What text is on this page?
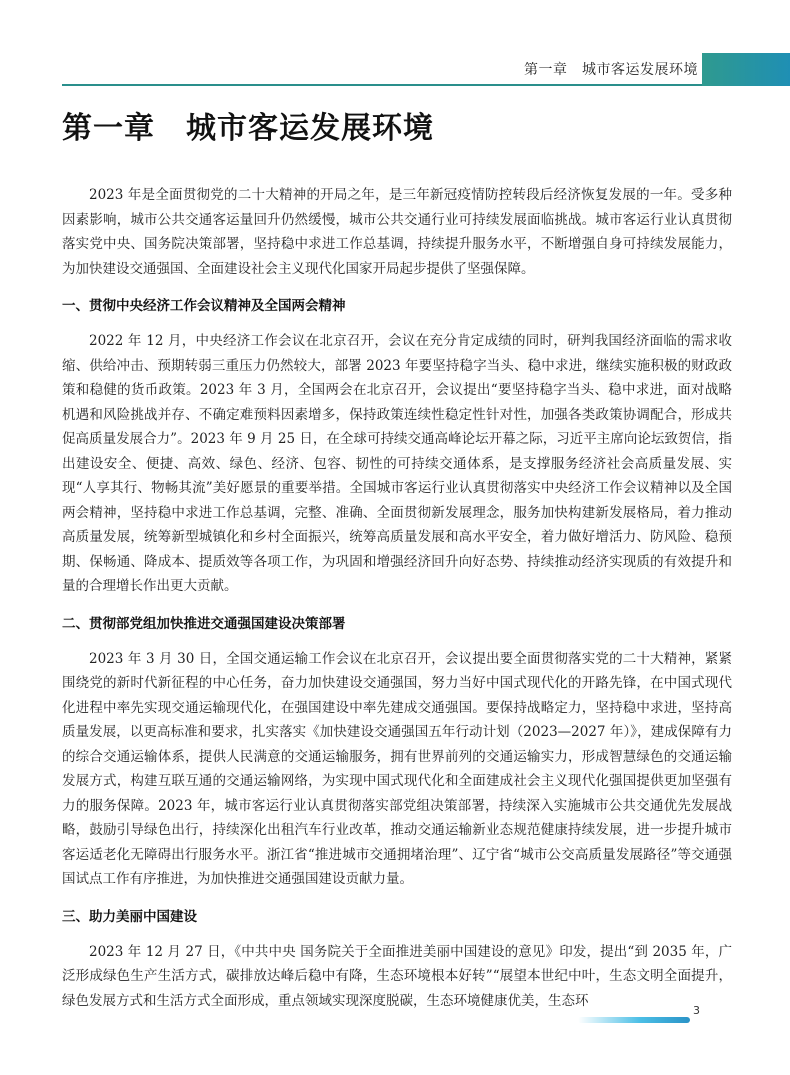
第一章　城市客运发展环境
第一章　城市客运发展环境

2023 年是全面贯彻党的二十大精神的开局之年，是三年新冠疫情防控转段后经济恢复发展的一年。受多种因素影响，城市公共交通客运量回升仍然缓慢，城市公共交通行业可持续发展面临挑战。城市客运行业认真贯彻落实党中央、国务院决策部署，坚持稳中求进工作总基调，持续提升服务水平，不断增强自身可持续发展能力，为加快建设交通强国、全面建设社会主义现代化国家开局起步提供了坚强保障。

一、贯彻中央经济工作会议精神及全国两会精神

2022 年 12 月，中央经济工作会议在北京召开，会议在充分肯定成绩的同时，研判我国经济面临的需求收缩、供给冲击、预期转弱三重压力仍然较大，部署 2023 年要坚持稳字当头、稳中求进，继续实施积极的财政政策和稳健的货币政策。2023 年 3 月，全国两会在北京召开，会议提出“要坚持稳字当头、稳中求进，面对战略机遇和风险挑战并存、不确定难预料因素增多，保持政策连续性稳定性针对性，加强各类政策协调配合，形成共促高质量发展合力”。2023 年 9 月 25 日，在全球可持续交通高峰论坛开幕之际，习近平主席向论坛致贺信，指出建设安全、便捷、高效、绿色、经济、包容、韧性的可持续交通体系，是支撑服务经济社会高质量发展、实现“人享其行、物畅其流”美好愿景的重要举措。全国城市客运行业认真贯彻落实中央经济工作会议精神以及全国两会精神，坚持稳中求进工作总基调，完整、准确、全面贯彻新发展理念，服务加快构建新发展格局，着力推动高质量发展，统筹新型城镇化和乡村全面振兴，统筹高质量发展和高水平安全，着力做好增活力、防风险、稳预期、保畅通、降成本、提质效等各项工作，为巩固和增强经济回升向好态势、持续推动经济实现质的有效提升和量的合理增长作出更大贡献。

二、贯彻部党组加快推进交通强国建设决策部署

2023 年 3 月 30 日，全国交通运输工作会议在北京召开，会议提出要全面贯彻落实党的二十大精神，紧紧围绕党的新时代新征程的中心任务，奋力加快建设交通强国，努力当好中国式现代化的开路先锋，在中国式现代化进程中率先实现交通运输现代化，在强国建设中率先建成交通强国。要保持战略定力，坚持稳中求进，坚持高质量发展，以更高标准和要求，扎实落实《加快建设交通强国五年行动计划（2023—2027 年）》，建成保障有力的综合交通运输体系，提供人民满意的交通运输服务，拥有世界前列的交通运输实力，形成智慧绿色的交通运输发展方式，构建互联互通的交通运输网络，为实现中国式现代化和全面建成社会主义现代化强国提供更加坚强有力的服务保障。2023 年，城市客运行业认真贯彻落实部党组决策部署，持续深入实施城市公共交通优先发展战略，鼓励引导绿色出行，持续深化出租汽车行业改革，推动交通运输新业态规范健康持续发展，进一步提升城市客运适老化无障碍出行服务水平。浙江省“推进城市交通拥堵治理”、辽宁省“城市公交高质量发展路径”等交通强国试点工作有序推进，为加快推进交通强国建设贡献力量。

三、助力美丽中国建设

2023 年 12 月 27 日，《中共中央 国务院关于全面推进美丽中国建设的意见》印发，提出“到 2035 年，广泛形成绿色生产生活方式，碳排放达峰后稳中有降，生态环境根本好转”“展望本世纪中叶，生态文明全面提升，绿色发展方式和生活方式全面形成，重点领域实现深度脱碳，生态环境健康优美，生态环

3
